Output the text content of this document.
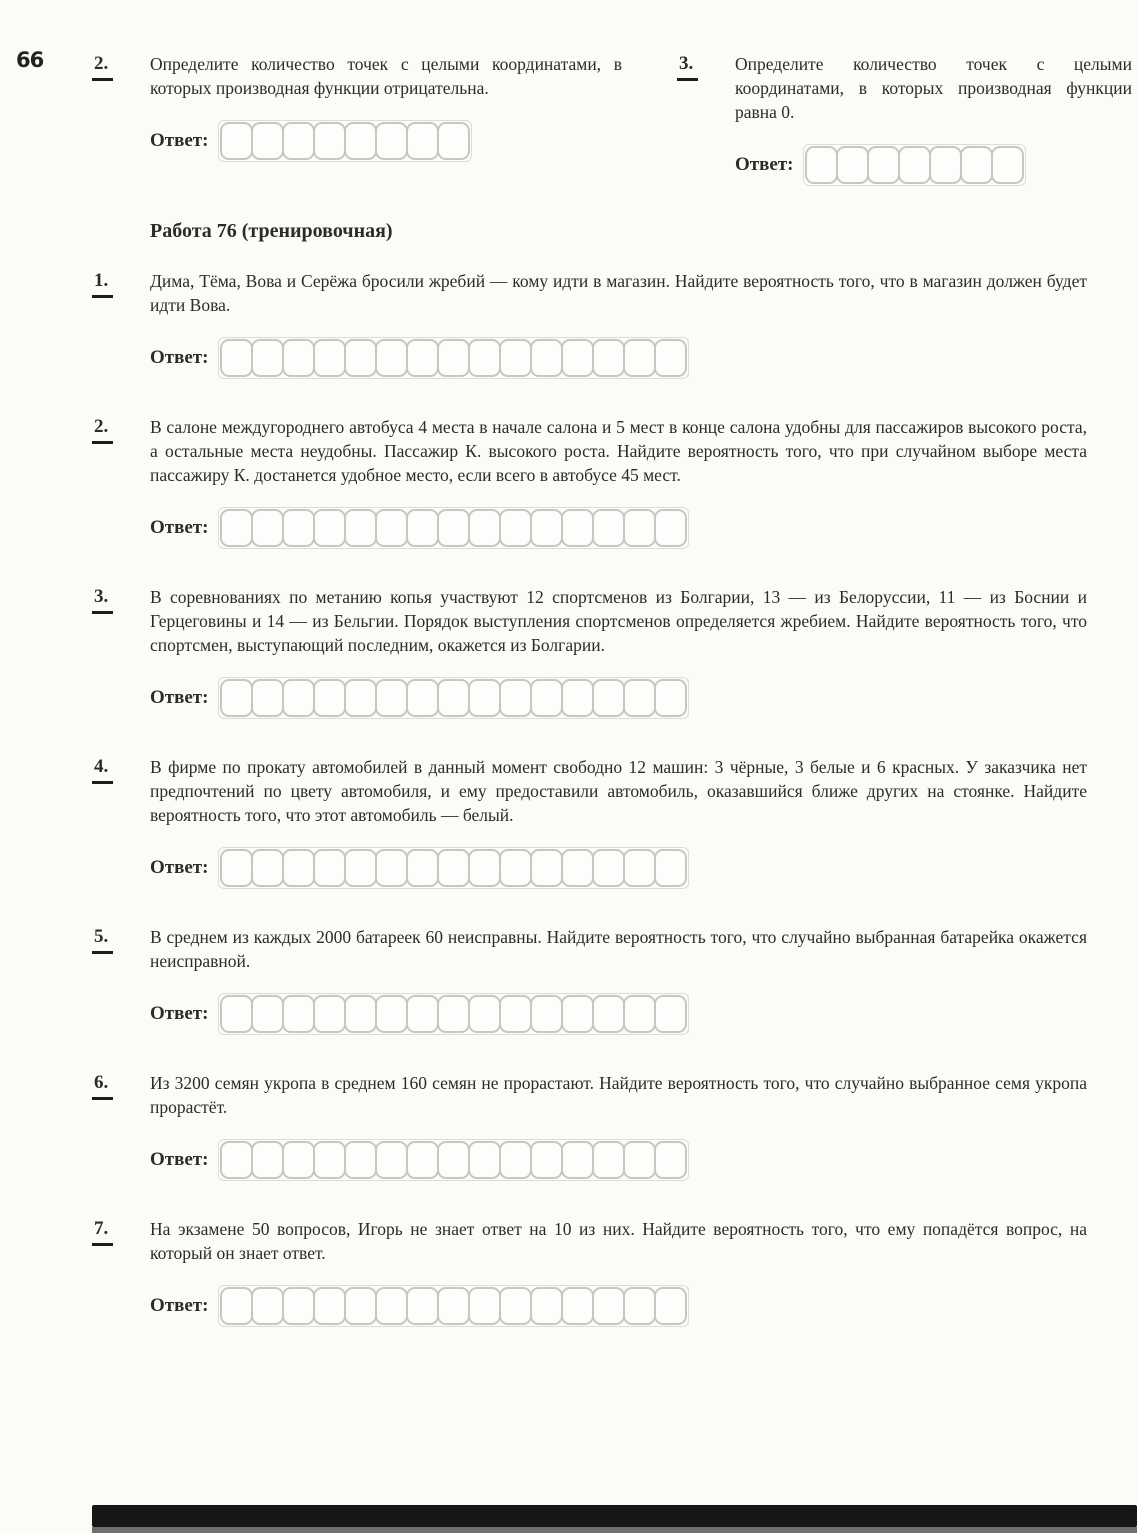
66	2.	Определите количество точек с целыми координатами, в которых производная функции отрицательна.
Ответ:
3.	Определите количество точек с целыми координатами, в которых производная функции равна 0.
Ответ:
Работа 76 (тренировочная)
1.	Дима, Тёма, Вова и Серёжа бросили жребий — кому идти в магазин. Найдите вероятность того, что в магазин должен будет идти Вова.
Ответ:
2.	В салоне междугороднего автобуса 4 места в начале салона и 5 мест в конце салона удобны для пассажиров высокого роста, а остальные места неудобны. Пассажир К. высокого роста. Найдите вероятность того, что при случайном выборе места пассажиру К. достанется удобное место, если всего в автобусе 45 мест.
Ответ:
3.	В соревнованиях по метанию копья участвуют 12 спортсменов из Болгарии, 13 — из Белоруссии, 11 — из Боснии и Герцеговины и 14 — из Бельгии. Порядок выступления спортсменов определяется жребием. Найдите вероятность того, что спортсмен, выступающий последним, окажется из Болгарии.
Ответ:
4.	В фирме по прокату автомобилей в данный момент свободно 12 машин: 3 чёрные, 3 белые и 6 красных. У заказчика нет предпочтений по цвету автомобиля, и ему предоставили автомобиль, оказавшийся ближе других на стоянке. Найдите вероятность того, что этот автомобиль — белый.
Ответ:
5.	В среднем из каждых 2000 батареек 60 неисправны. Найдите вероятность того, что случайно выбранная батарейка окажется неисправной.
Ответ:
6.	Из 3200 семян укропа в среднем 160 семян не прорастают. Найдите вероятность того, что случайно выбранное семя укропа прорастёт.
Ответ:
7.	На экзамене 50 вопросов, Игорь не знает ответ на 10 из них. Найдите вероятность того, что ему попадётся вопрос, на который он знает ответ.
Ответ:
